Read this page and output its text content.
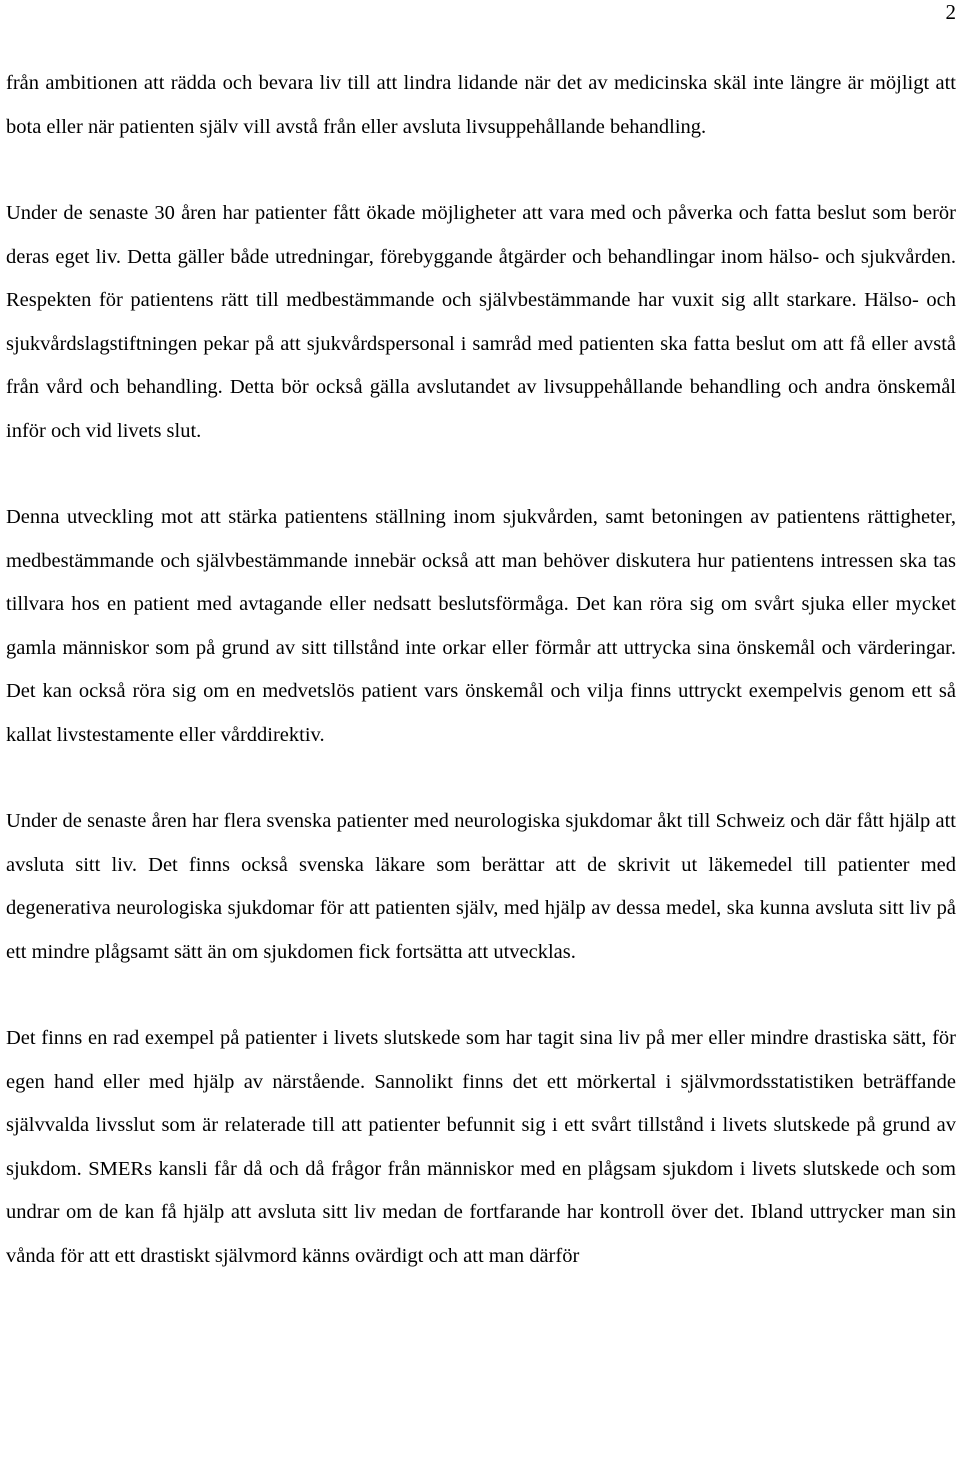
2

från ambitionen att rädda och bevara liv till att lindra lidande när det av medicinska skäl inte längre är möjligt att bota eller när patienten själv vill avstå från eller avsluta livsuppehållande behandling.

Under de senaste 30 åren har patienter fått ökade möjligheter att vara med och påverka och fatta beslut som berör deras eget liv. Detta gäller både utredningar, förebyggande åtgärder och behandlingar inom hälso- och sjukvården. Respekten för patientens rätt till medbestämmande och självbestämmande har vuxit sig allt starkare. Hälso- och sjukvårdslagstiftningen pekar på att sjukvårdspersonal i samråd med patienten ska fatta beslut om att få eller avstå från vård och behandling. Detta bör också gälla avslutandet av livsuppehållande behandling och andra önskemål inför och vid livets slut.

Denna utveckling mot att stärka patientens ställning inom sjukvården, samt betoningen av patientens rättigheter, medbestämmande och självbestämmande innebär också att man behöver diskutera hur patientens intressen ska tas tillvara hos en patient med avtagande eller nedsatt beslutsförmåga. Det kan röra sig om svårt sjuka eller mycket gamla människor som på grund av sitt tillstånd inte orkar eller förmår att uttrycka sina önskemål och värderingar. Det kan också röra sig om en medvetslös patient vars önskemål och vilja finns uttryckt exempelvis genom ett så kallat livstestamente eller vårddirektiv.

Under de senaste åren har flera svenska patienter med neurologiska sjukdomar åkt till Schweiz och där fått hjälp att avsluta sitt liv. Det finns också svenska läkare som berättar att de skrivit ut läkemedel till patienter med degenerativa neurologiska sjukdomar för att patienten själv, med hjälp av dessa medel, ska kunna avsluta sitt liv på ett mindre plågsamt sätt än om sjukdomen fick fortsätta att utvecklas.

Det finns en rad exempel på patienter i livets slutskede som har tagit sina liv på mer eller mindre drastiska sätt, för egen hand eller med hjälp av närstående. Sannolikt finns det ett mörkertal i självmordsstatistiken beträffande självvalda livsslut som är relaterade till att patienter befunnit sig i ett svårt tillstånd i livets slutskede på grund av sjukdom. SMERs kansli får då och då frågor från människor med en plågsam sjukdom i livets slutskede och som undrar om de kan få hjälp att avsluta sitt liv medan de fortfarande har kontroll över det. Ibland uttrycker man sin vånda för att ett drastiskt självmord känns ovärdigt och att man därför
